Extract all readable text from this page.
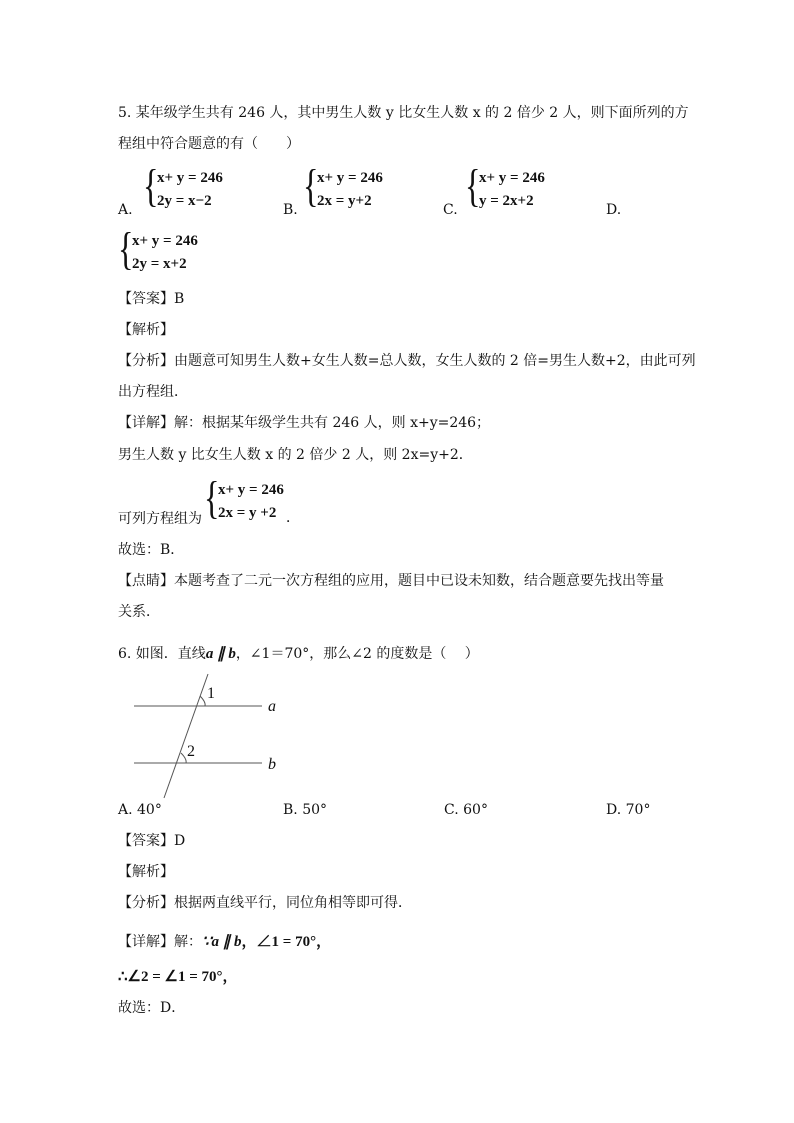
5. 某年级学生共有 246 人，其中男生人数 y 比女生人数 x 的 2 倍少 2 人，则下面所列的方
程组中符合题意的有（　　）
A. {
x+ y = 246
2y = x−2
B. {
x+ y = 246
2x = y+2
C. {
x+ y = 246
y = 2x+2
D.
{
x+ y = 246
2y = x+2
【答案】B
【解析】
【分析】由题意可知男生人数+女生人数=总人数，女生人数的 2 倍=男生人数+2，由此可列
出方程组．
【详解】解：根据某年级学生共有 246 人，则 x+y=246；
男生人数 y 比女生人数 x 的 2 倍少 2 人，则 2x=y+2．
可列方程组为 {
x+ y = 246
2x = y +2 ．
故选：B．
【点睛】本题考查了二元一次方程组的应用，题目中已设未知数，结合题意要先找出等量
关系．
6. 如图．直线a ∥ b，∠1＝70°，那么∠2 的度数是（　 ）
1
2
a
b
A. 40°	B. 50°	C. 60°	D. 70°
【答案】D
【解析】
【分析】根据两直线平行，同位角相等即可得．
【详解】解：∵a ∥ b，∠1 = 70°，
∴∠2 = ∠1 = 70°，
故选：D．
